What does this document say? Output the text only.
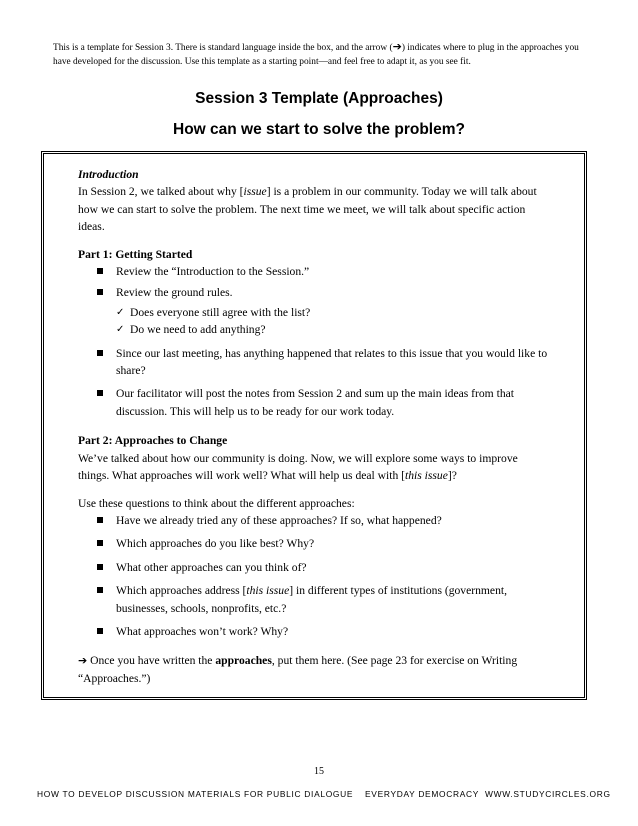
This is a template for Session 3. There is standard language inside the box, and the arrow (➔) indicates where to plug in the approaches you have developed for the discussion. Use this template as a starting point—and feel free to adapt it, as you see fit.
Session 3 Template (Approaches)
How can we start to solve the problem?

Introduction

In Session 2, we talked about why [issue] is a problem in our community. Today we will talk about how we can start to solve the problem. The next time we meet, we will talk about specific action ideas.

Part 1: Getting Started

Review the “Introduction to the Session.”
Review the ground rules.
✓ Does everyone still agree with the list?
✓ Do we need to add anything?
Since our last meeting, has anything happened that relates to this issue that you would like to share?
Our facilitator will post the notes from Session 2 and sum up the main ideas from that discussion. This will help us to be ready for our work today.

Part 2: Approaches to Change

We’ve talked about how our community is doing. Now, we will explore some ways to improve things. What approaches will work well? What will help us deal with [this issue]?

Use these questions to think about the different approaches:

Have we already tried any of these approaches? If so, what happened?
Which approaches do you like best? Why?
What other approaches can you think of?
Which approaches address [this issue] in different types of institutions (government, businesses, schools, nonprofits, etc.?
What approaches won’t work? Why?

➔ Once you have written the approaches, put them here. (See page 23 for exercise on Writing “Approaches.”)

15
HOW TO DEVELOP DISCUSSION MATERIALS FOR PUBLIC DIALOGUE EVERYDAY DEMOCRACY WWW.STUDYCIRCLES.ORG
